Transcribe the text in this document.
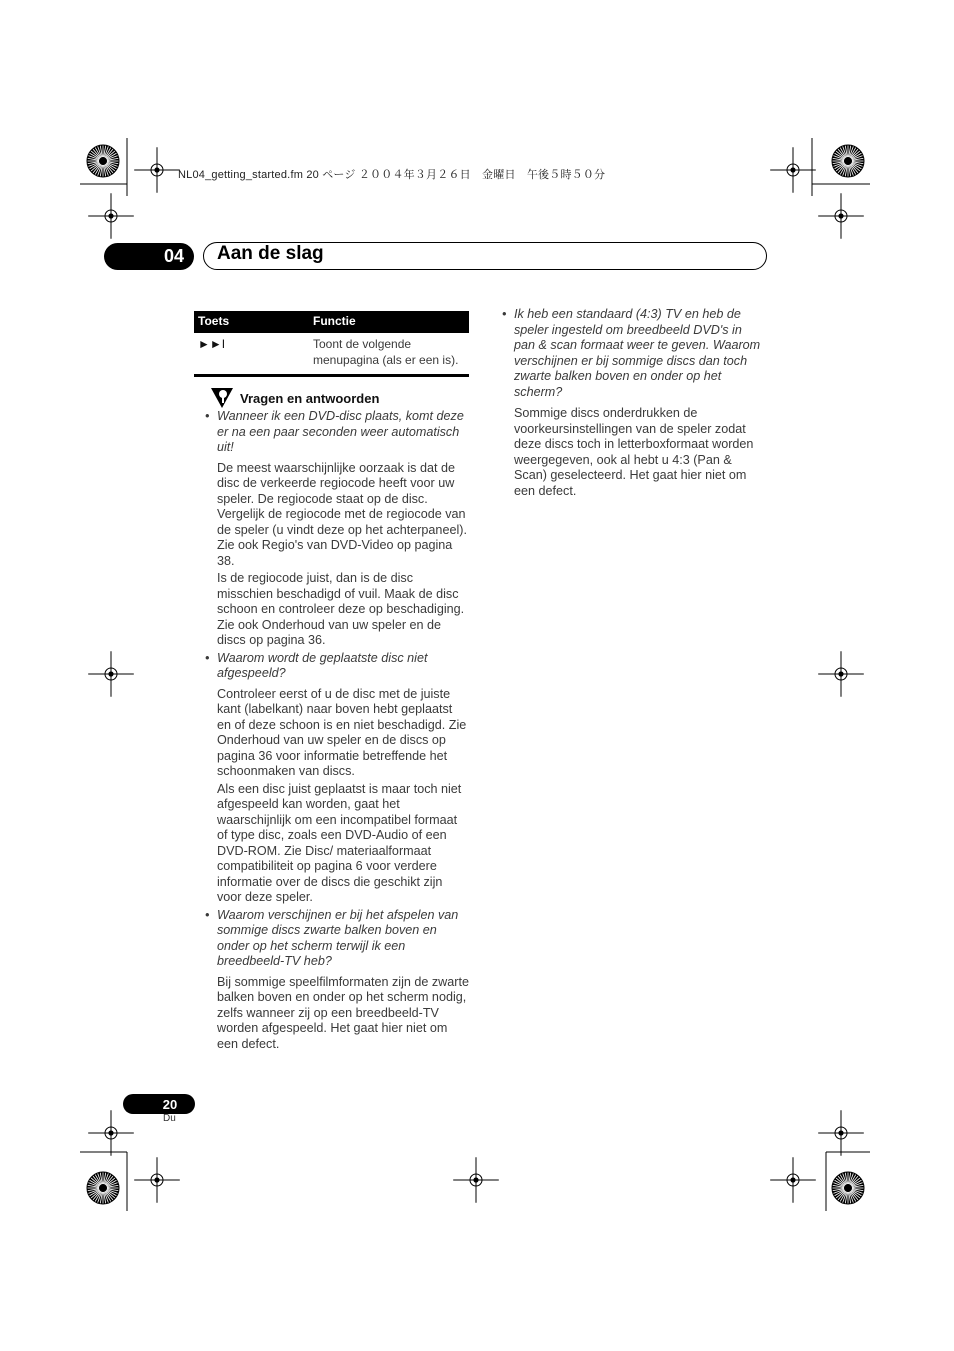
NL04_getting_started.fm 20 ページ ２００４年３月２６日　金曜日　午後５時５０分
04	Aan de slag
Toets	Functie
►►I	Toont de volgende menupagina (als er een is).
Vragen en antwoorden

• Wanneer ik een DVD-disc plaats, komt deze er na een paar seconden weer automatisch uit!

De meest waarschijnlijke oorzaak is dat de disc de verkeerde regiocode heeft voor uw speler. De regiocode staat op de disc. Vergelijk de regiocode met de regiocode van de speler (u vindt deze op het achterpaneel). Zie ook Regio's van DVD-Video op pagina 38.

Is de regiocode juist, dan is de disc misschien beschadigd of vuil. Maak de disc schoon en controleer deze op beschadiging. Zie ook Onderhoud van uw speler en de discs op pagina 36.

• Waarom wordt de geplaatste disc niet afgespeeld?

Controleer eerst of u de disc met de juiste kant (labelkant) naar boven hebt geplaatst en of deze schoon is en niet beschadigd. Zie Onderhoud van uw speler en de discs op pagina 36 voor informatie betreffende het schoonmaken van discs.

Als een disc juist geplaatst is maar toch niet afgespeeld kan worden, gaat het waarschijnlijk om een incompatibel formaat of type disc, zoals een DVD-Audio of een DVD-ROM. Zie Disc/ materiaalformaat compatibiliteit op pagina 6 voor verdere informatie over de discs die geschikt zijn voor deze speler.

• Waarom verschijnen er bij het afspelen van sommige discs zwarte balken boven en onder op het scherm terwijl ik een breedbeeld-TV heb?

Bij sommige speelfilmformaten zijn de zwarte balken boven en onder op het scherm nodig, zelfs wanneer zij op een breedbeeld-TV worden afgespeeld. Het gaat hier niet om een defect.

• Ik heb een standaard (4:3) TV en heb de speler ingesteld om breedbeeld DVD's in pan & scan formaat weer te geven. Waarom verschijnen er bij sommige discs dan toch zwarte balken boven en onder op het scherm?

Sommige discs onderdrukken de voorkeursinstellingen van de speler zodat deze discs toch in letterboxformaat worden weergegeven, ook al hebt u 4:3 (Pan & Scan) geselecteerd. Het gaat hier niet om een defect.

20
Du
